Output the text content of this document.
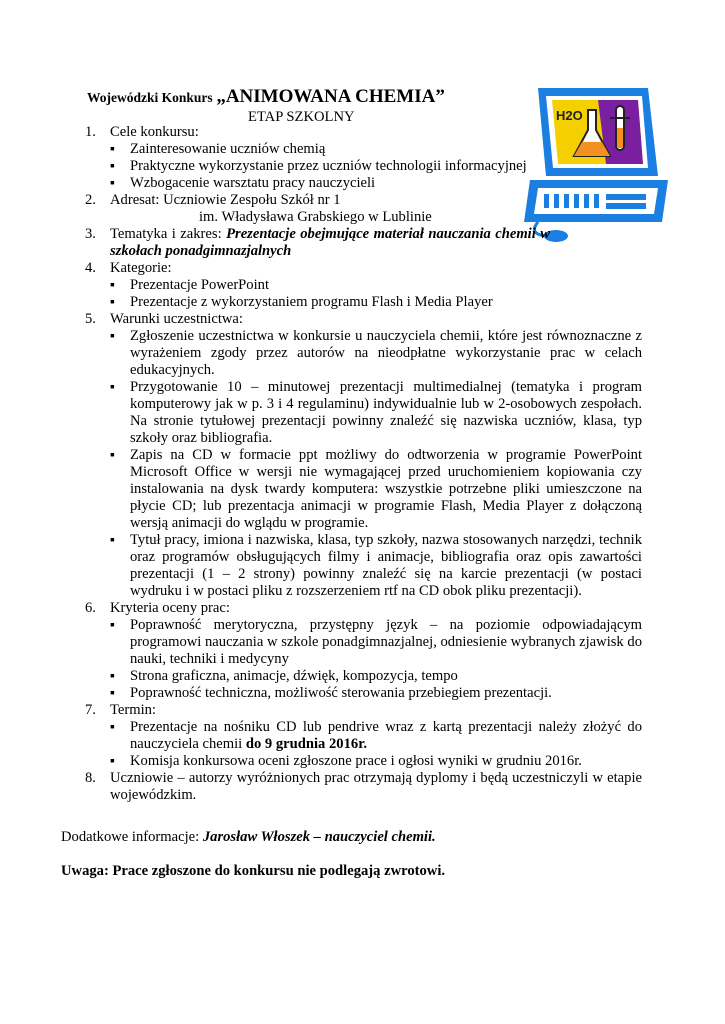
Wojewódzki Konkurs „ANIMOWANA CHEMIA”
ETAP SZKOLNY	H2O
1. Cele konkursu:
▪ Zainteresowanie uczniów chemią
▪ Praktyczne wykorzystanie przez uczniów technologii informacyjnej
▪ Wzbogacenie warsztatu pracy nauczycieli
2. Adresat: Uczniowie Zespołu Szkół nr 1
im. Władysława Grabskiego w Lublinie
3. Tematyka i zakres: Prezentacje obejmujące materiał nauczania chemii w szkołach ponadgimnazjalnych
4. Kategorie:
▪ Prezentacje PowerPoint
▪ Prezentacje z wykorzystaniem programu Flash i Media Player
5. Warunki uczestnictwa:
▪ Zgłoszenie uczestnictwa w konkursie u nauczyciela chemii, które jest równoznaczne z wyrażeniem zgody przez autorów na nieodpłatne wykorzystanie prac w celach edukacyjnych.
▪ Przygotowanie 10 – minutowej prezentacji multimedialnej (tematyka i program komputerowy jak w p. 3 i 4 regulaminu) indywidualnie lub w 2-osobowych zespołach. Na stronie tytułowej prezentacji powinny znaleźć się nazwiska uczniów, klasa, typ szkoły oraz bibliografia.
▪ Zapis na CD w formacie ppt możliwy do odtworzenia w programie PowerPoint Microsoft Office w wersji nie wymagającej przed uruchomieniem kopiowania czy instalowania na dysk twardy komputera: wszystkie potrzebne pliki umieszczone na płycie CD; lub prezentacja animacji w programie Flash, Media Player z dołączoną wersją animacji do wglądu w programie.
▪ Tytuł pracy, imiona i nazwiska, klasa, typ szkoły, nazwa stosowanych narzędzi, technik oraz programów obsługujących filmy i animacje, bibliografia oraz opis zawartości prezentacji (1 – 2 strony) powinny znaleźć się na karcie prezentacji (w postaci wydruku i w postaci pliku z rozszerzeniem rtf na CD obok pliku prezentacji).
6. Kryteria oceny prac:
▪ Poprawność merytoryczna, przystępny język – na poziomie odpowiadającym programowi nauczania w szkole ponadgimnazjalnej, odniesienie wybranych zjawisk do nauki, techniki i medycyny
▪ Strona graficzna, animacje, dźwięk, kompozycja, tempo
▪ Poprawność techniczna, możliwość sterowania przebiegiem prezentacji.
7. Termin:
▪ Prezentacje na nośniku CD lub pendrive wraz z kartą prezentacji należy złożyć do nauczyciela chemii do 9 grudnia 2016r.
▪ Komisja konkursowa oceni zgłoszone prace i ogłosi wyniki w grudniu 2016r.
8. Uczniowie – autorzy wyróżnionych prac otrzymają dyplomy i będą uczestniczyli w etapie wojewódzkim.
Dodatkowe informacje: Jarosław Włoszek – nauczyciel chemii.
Uwaga: Prace zgłoszone do konkursu nie podlegają zwrotowi.
